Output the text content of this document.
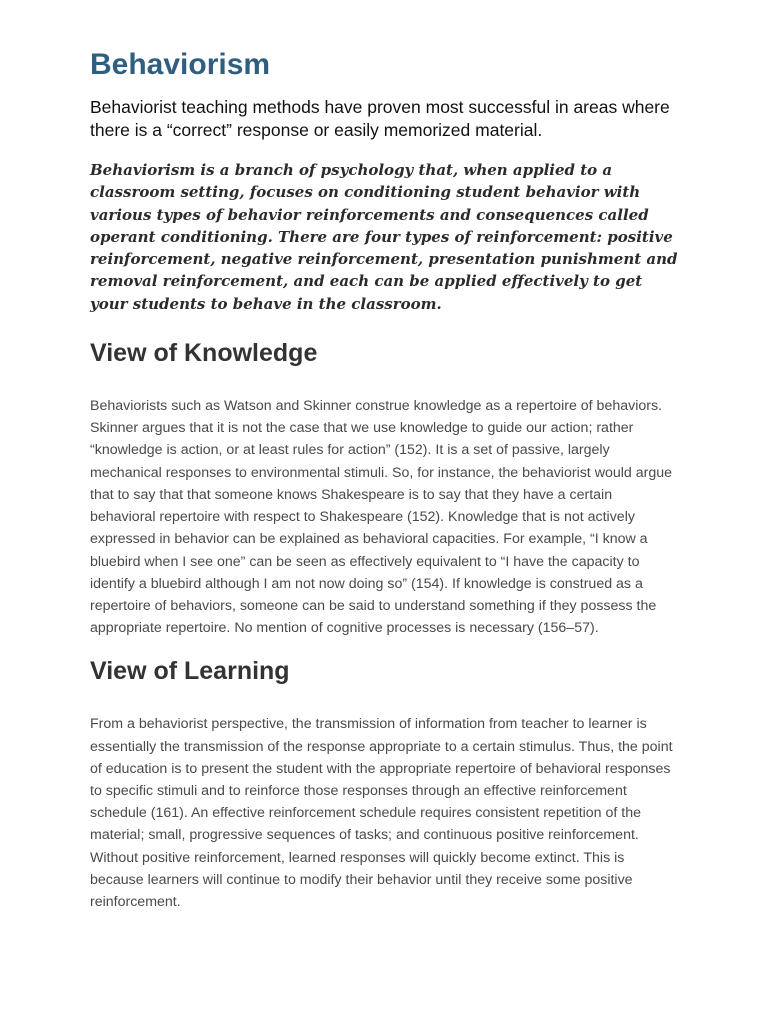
Behaviorism

Behaviorist teaching methods have proven most successful in areas where there is a “correct” response or easily memorized material.

Behaviorism is a branch of psychology that, when applied to a classroom setting, focuses on conditioning student behavior with various types of behavior reinforcements and consequences called operant conditioning. There are four types of reinforcement: positive reinforcement, negative reinforcement, presentation punishment and removal reinforcement, and each can be applied effectively to get your students to behave in the classroom.

View of Knowledge

Behaviorists such as Watson and Skinner construe knowledge as a repertoire of behaviors. Skinner argues that it is not the case that we use knowledge to guide our action; rather “knowledge is action, or at least rules for action” (152). It is a set of passive, largely mechanical responses to environmental stimuli. So, for instance, the behaviorist would argue that to say that that someone knows Shakespeare is to say that they have a certain behavioral repertoire with respect to Shakespeare (152). Knowledge that is not actively expressed in behavior can be explained as behavioral capacities. For example, “I know a bluebird when I see one” can be seen as effectively equivalent to “I have the capacity to identify a bluebird although I am not now doing so” (154). If knowledge is construed as a repertoire of behaviors, someone can be said to understand something if they possess the appropriate repertoire. No mention of cognitive processes is necessary (156–57).

View of Learning

From a behaviorist perspective, the transmission of information from teacher to learner is essentially the transmission of the response appropriate to a certain stimulus. Thus, the point of education is to present the student with the appropriate repertoire of behavioral responses to specific stimuli and to reinforce those responses through an effective reinforcement schedule (161). An effective reinforcement schedule requires consistent repetition of the material; small, progressive sequences of tasks; and continuous positive reinforcement. Without positive reinforcement, learned responses will quickly become extinct. This is because learners will continue to modify their behavior until they receive some positive reinforcement.
